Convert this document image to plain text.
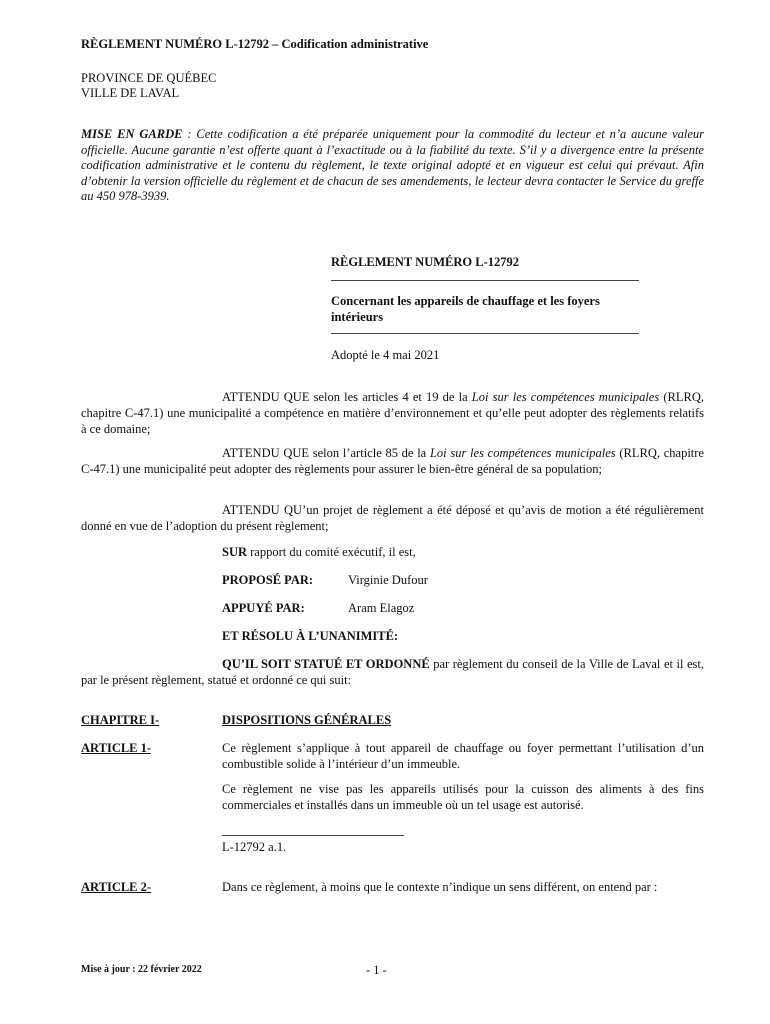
RÈGLEMENT NUMÉRO L-12792 – Codification administrative
PROVINCE DE QUÉBEC
VILLE DE LAVAL
MISE EN GARDE : Cette codification a été préparée uniquement pour la commodité du lecteur et n’a aucune valeur officielle. Aucune garantie n’est offerte quant à l’exactitude ou à la fiabilité du texte. S’il y a divergence entre la présente codification administrative et le contenu du règlement, le texte original adopté et en vigueur est celui qui prévaut. Afin d’obtenir la version officielle du règlement et de chacun de ses amendements, le lecteur devra contacter le Service du greffe au 450 978-3939.
RÈGLEMENT NUMÉRO L-12792
Concernant les appareils de chauffage et les foyers intérieurs
Adopté le 4 mai 2021
ATTENDU QUE selon les articles 4 et 19 de la Loi sur les compétences municipales (RLRQ, chapitre C-47.1) une municipalité a compétence en matière d’environnement et qu’elle peut adopter des règlements relatifs à ce domaine;
ATTENDU QUE selon l’article 85 de la Loi sur les compétences municipales (RLRQ, chapitre C-47.1) une municipalité peut adopter des règlements pour assurer le bien-être général de sa population;
ATTENDU QU’un projet de règlement a été déposé et qu’avis de motion a été régulièrement donné en vue de l’adoption du présent règlement;
SUR rapport du comité exécutif, il est,
PROPOSÉ PAR:	Virginie Dufour
APPUYÉ PAR:	Aram Elagoz
ET RÉSOLU À L’UNANIMITÉ:
QU’IL SOIT STATUÉ ET ORDONNÉ par règlement du conseil de la Ville de Laval et il est, par le présent règlement, statué et ordonné ce qui suit:
CHAPITRE I-	DISPOSITIONS GÉNÉRALES
ARTICLE 1-	Ce règlement s’applique à tout appareil de chauffage ou foyer permettant l’utilisation d’un combustible solide à l’intérieur d’un immeuble.
Ce règlement ne vise pas les appareils utilisés pour la cuisson des aliments à des fins commerciales et installés dans un immeuble où un tel usage est autorisé.
L-12792 a.1.
ARTICLE 2-	Dans ce règlement, à moins que le contexte n’indique un sens différent, on entend par :
Mise à jour : 22 février 2022	- 1 -
